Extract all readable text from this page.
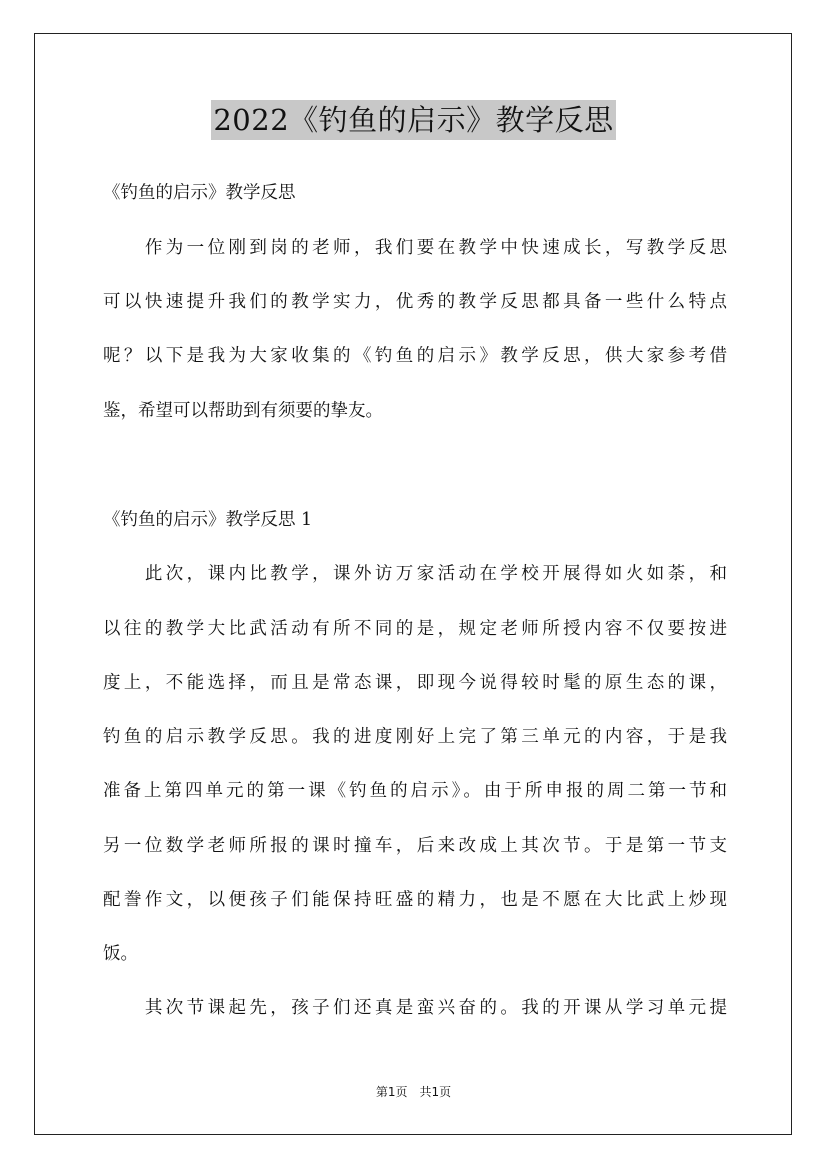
2022《钓鱼的启示》教学反思
《钓鱼的启示》教学反思
　　作为一位刚到岗的老师，我们要在教学中快速成长，写教学反思
可以快速提升我们的教学实力，优秀的教学反思都具备一些什么特点
呢？以下是我为大家收集的《钓鱼的启示》教学反思，供大家参考借
鉴，希望可以帮助到有须要的挚友。
《钓鱼的启示》教学反思 1
　　此次，课内比教学，课外访万家活动在学校开展得如火如荼，和
以往的教学大比武活动有所不同的是，规定老师所授内容不仅要按进
度上，不能选择，而且是常态课，即现今说得较时髦的原生态的课，
钓鱼的启示教学反思。我的进度刚好上完了第三单元的内容，于是我
准备上第四单元的第一课《钓鱼的启示》。由于所申报的周二第一节和
另一位数学老师所报的课时撞车，后来改成上其次节。于是第一节支
配誊作文，以便孩子们能保持旺盛的精力，也是不愿在大比武上炒现
饭。
　　其次节课起先，孩子们还真是蛮兴奋的。我的开课从学习单元提
第1页　共1页
